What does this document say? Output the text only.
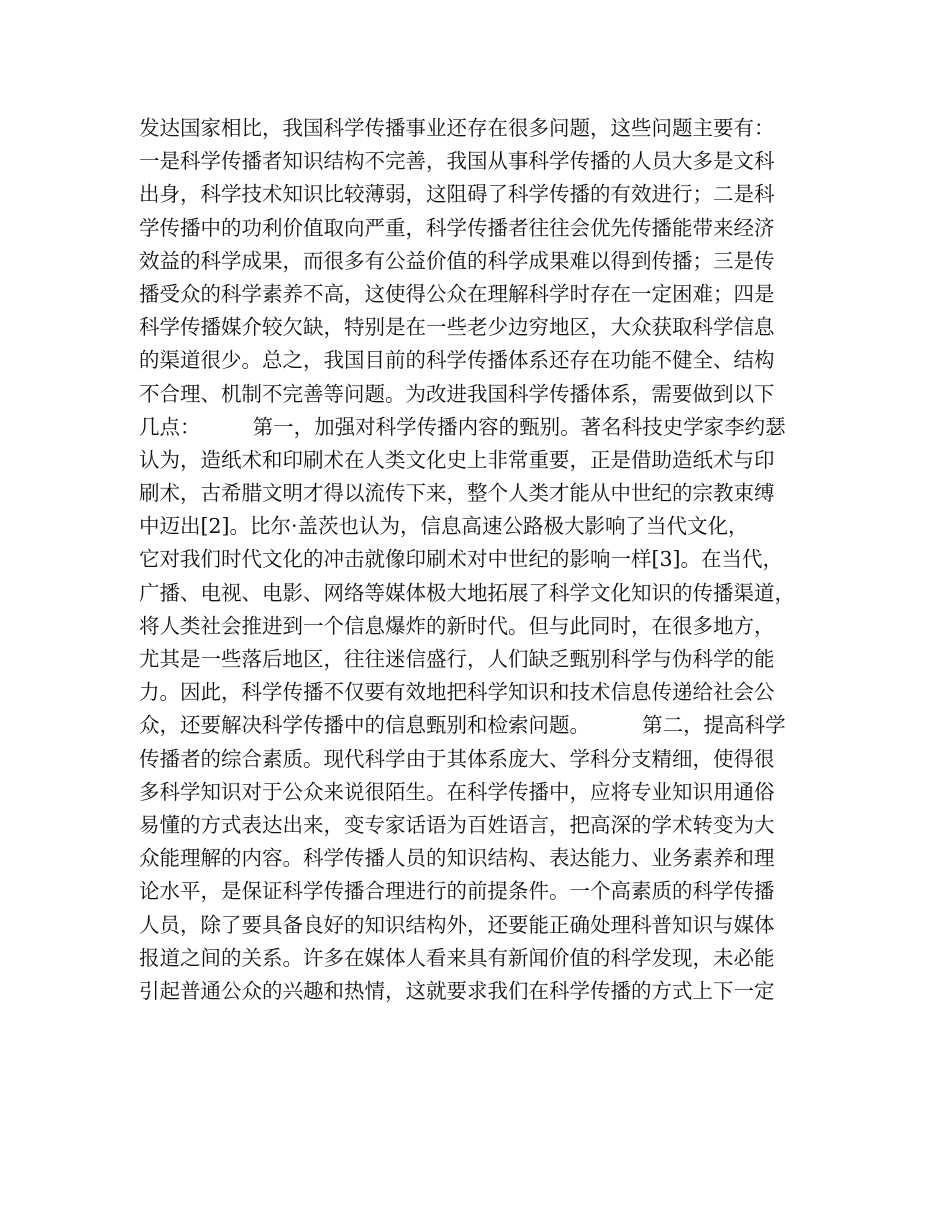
发达国家相比，我国科学传播事业还存在很多问题，这些问题主要有：
一是科学传播者知识结构不完善，我国从事科学传播的人员大多是文科
出身，科学技术知识比较薄弱，这阻碍了科学传播的有效进行；二是科
学传播中的功利价值取向严重，科学传播者往往会优先传播能带来经济
效益的科学成果，而很多有公益价值的科学成果难以得到传播；三是传
播受众的科学素养不高，这使得公众在理解科学时存在一定困难；四是
科学传播媒介较欠缺，特别是在一些老少边穷地区，大众获取科学信息
的渠道很少。总之，我国目前的科学传播体系还存在功能不健全、结构
不合理、机制不完善等问题。为改进我国科学传播体系，需要做到以下
几点：        第一，加强对科学传播内容的甄别。著名科技史学家李约瑟
认为，造纸术和印刷术在人类文化史上非常重要，正是借助造纸术与印
刷术，古希腊文明才得以流传下来，整个人类才能从中世纪的宗教束缚
中迈出[2]。比尔·盖茨也认为，信息高速公路极大影响了当代文化，
它对我们时代文化的冲击就像印刷术对中世纪的影响一样[3]。在当代，
广播、电视、电影、网络等媒体极大地拓展了科学文化知识的传播渠道，
将人类社会推进到一个信息爆炸的新时代。但与此同时，在很多地方，
尤其是一些落后地区，往往迷信盛行，人们缺乏甄别科学与伪科学的能
力。因此，科学传播不仅要有效地把科学知识和技术信息传递给社会公
众，还要解决科学传播中的信息甄别和检索问题。        第二，提高科学
传播者的综合素质。现代科学由于其体系庞大、学科分支精细，使得很
多科学知识对于公众来说很陌生。在科学传播中，应将专业知识用通俗
易懂的方式表达出来，变专家话语为百姓语言，把高深的学术转变为大
众能理解的内容。科学传播人员的知识结构、表达能力、业务素养和理
论水平，是保证科学传播合理进行的前提条件。一个高素质的科学传播
人员，除了要具备良好的知识结构外，还要能正确处理科普知识与媒体
报道之间的关系。许多在媒体人看来具有新闻价值的科学发现，未必能
引起普通公众的兴趣和热情，这就要求我们在科学传播的方式上下一定
